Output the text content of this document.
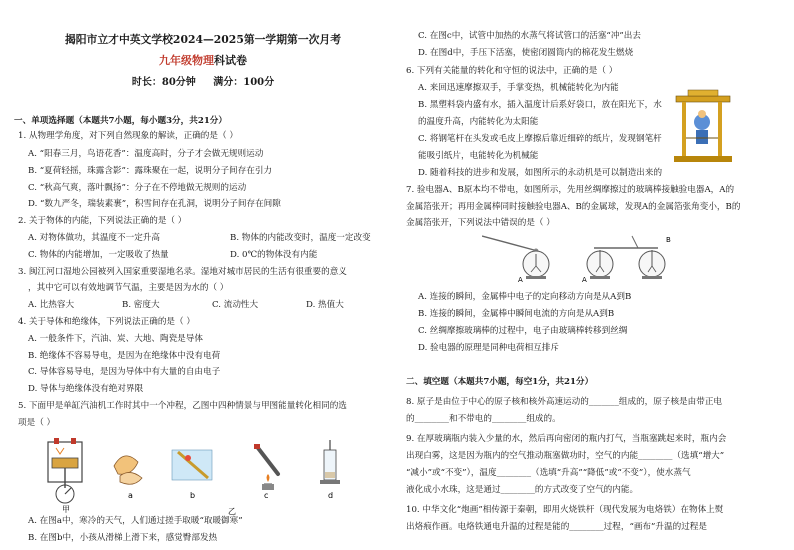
揭阳市立才中英文学校2024—2025第一学期第一次月考
九年级物理科试卷
时长：80分钟 满分：100分
一、单项选择题（本题共7小题，每小题3分，共21分）
1. 从物理学角度，对下列自然现象的解读，正确的是（ ）
A. “阳春三月，鸟语花香”：温度高时，分子才会做无规则运动
B. “夏荷轻摇，珠露含影”：露珠聚在一起，说明分子间存在引力
C. “秋高气爽，落叶飘扬”：分子在不停地做无规则的运动
D. “数九严冬，瑞装素裹”，积雪间存在孔洞，说明分子间存在间隙
2. 关于物体的内能，下列说法正确的是（ ）
A. 对物体做功，其温度不一定升高	B. 物体的内能改变时，温度一定改变
C. 物体的内能增加，一定吸收了热量	D. 0℃的物体没有内能
3. 闽江河口湿地公园被列入国家重要湿地名录。湿地对城市居民的生活有很重要的意义
，其中它可以有效地调节气温，主要是因为水的（ ）
A. 比热容大	B. 密度大	C. 流动性大	D. 热值大
4. 关于导体和绝缘体，下列说法正确的是（ ）
A. 一般条件下，汽油、炭、大地、陶瓷是导体
B. 绝缘体不容易导电，是因为在绝缘体中没有电荷
C. 导体容易导电，是因为导体中有大量的自由电子
D. 导体与绝缘体没有绝对界限
5. 下面甲是单缸汽油机工作时其中一个冲程，乙图中四种情景与甲图能量转化相同的选
项是（ ）
甲
a	b	c	d
乙
A. 在图a中，寒冷的天气，人们通过搓手取暖“取暖御寒”
B. 在图b中，小孩从滑梯上滑下来，感觉臀部发热
C. 在图c中，试管中加热的水蒸气将试管口的活塞“冲”出去
D. 在图d中，手压下活塞，使密闭圆筒内的棉花发生燃烧
6. 下列有关能量的转化和守恒的说法中，正确的是（ ）
A. 来回迅速摩擦双手，手掌变热，机械能转化为内能
B. 黑塑料袋内盛有水，插入温度计后系好袋口，放在阳光下，水
的温度升高，内能转化为太阳能
C. 将钢笔杆在头发或毛皮上摩擦后靠近细碎的纸片，发现钢笔杆
能吸引纸片，电能转化为机械能
D. 随着科技的进步和发展，如图所示的永动机是可以制造出来的
7. 验电器A、B原本均不带电，如图所示，先用丝绸摩擦过的玻璃棒接触验电器A，A的
金属箔张开；再用金属棒同时接触验电器A、B的金属球，发现A的金属箔张角变小，B的
金属箔张开，下列说法中错误的是（ ）
A	A
B
A. 连接的瞬间，金属棒中电子的定向移动方向是从A到B
B. 连接的瞬间，金属棒中瞬间电流的方向是从A到B
C. 丝绸摩擦玻璃棒的过程中，电子由玻璃棒转移到丝绸
D. 验电器的原理是同种电荷相互排斥
二、填空题（本题共7小题，每空1分，共21分）
8. 原子是由位于中心的原子核和核外高速运动的_______组成的，原子核是由带正电
的________和不带电的________组成的。
9. 在厚玻璃瓶内装入少量的水，然后再向密闭的瓶内打气，当瓶塞跳起来时，瓶内会
出现白雾，这是因为瓶内的空气推动瓶塞做功时，空气的内能________（选填“增大”
“减小”或“不变”），温度________（选填“升高”“降低”或“不变”），使水蒸气
液化成小水珠，这是通过________的方式改变了空气的内能。
10. 中华文化“炮画”相传源于秦朝，即用火烧铁杆（现代发展为电烙铁）在物体上熨
出烙痕作画。电烙铁通电升温的过程是能的________过程，“画布”升温的过程是
